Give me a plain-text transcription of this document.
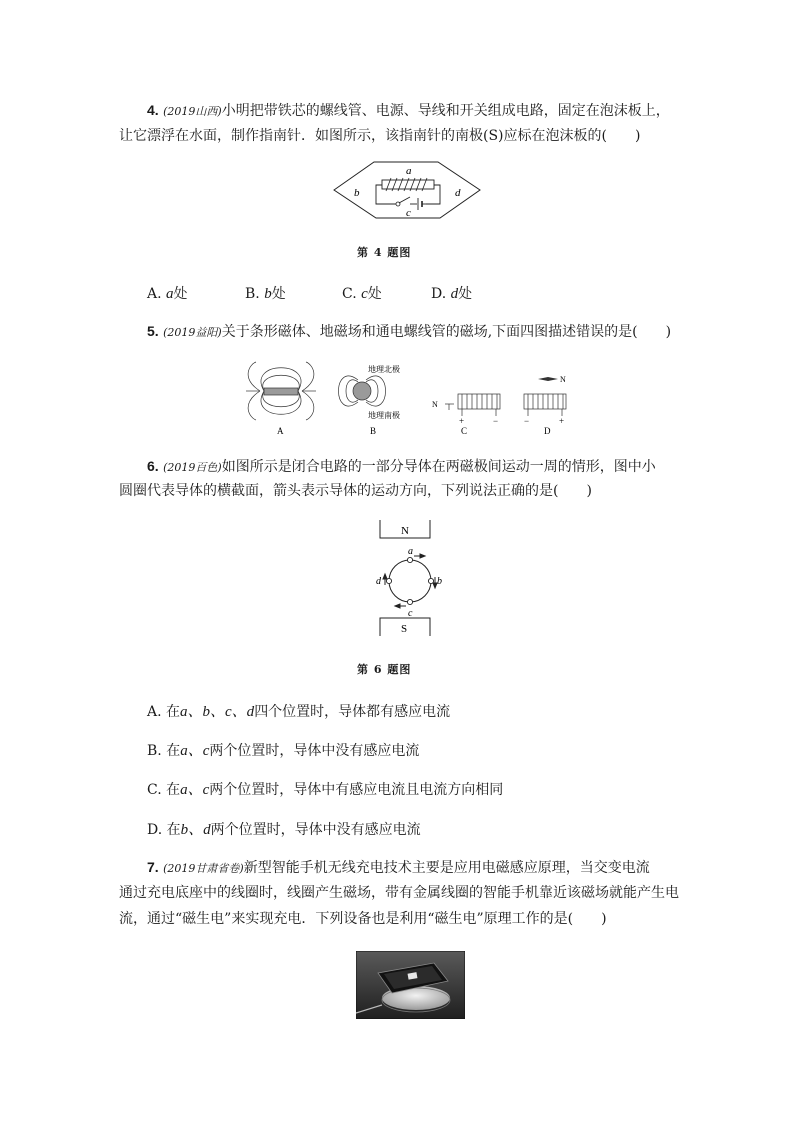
4. (2019山西)小明把带铁芯的螺线管、电源、导线和开关组成电路，固定在泡沫板上，
让它漂浮在水面，制作指南针．如图所示，该指南针的南极(S)应标在泡沫板的(　　)
a
b
c
d
第 4 题图
A. a处	B. b处	C. c处	D. d处
5. (2019益阳)关于条形磁体、地磁场和通电螺线管的磁场,下面四图描述错误的是(　　)
A
地理北极
地理南极
B
N
+	−
C
N
−	+
D
6. (2019百色)如图所示是闭合电路的一部分导体在两磁极间运动一周的情形，图中小
圆圈代表导体的横截面，箭头表示导体的运动方向，下列说法正确的是(　　)
N
a
b
c
d
S
第 6 题图
A. 在a、b、c、d四个位置时，导体都有感应电流
B. 在a、c两个位置时，导体中没有感应电流
C. 在a、c两个位置时，导体中有感应电流且电流方向相同
D. 在b、d两个位置时，导体中没有感应电流
7. (2019甘肃省卷)新型智能手机无线充电技术主要是应用电磁感应原理，当交变电流
通过充电底座中的线圈时，线圈产生磁场，带有金属线圈的智能手机靠近该磁场就能产生电
流，通过“磁生电”来实现充电．下列设备也是利用“磁生电”原理工作的是(　　)
